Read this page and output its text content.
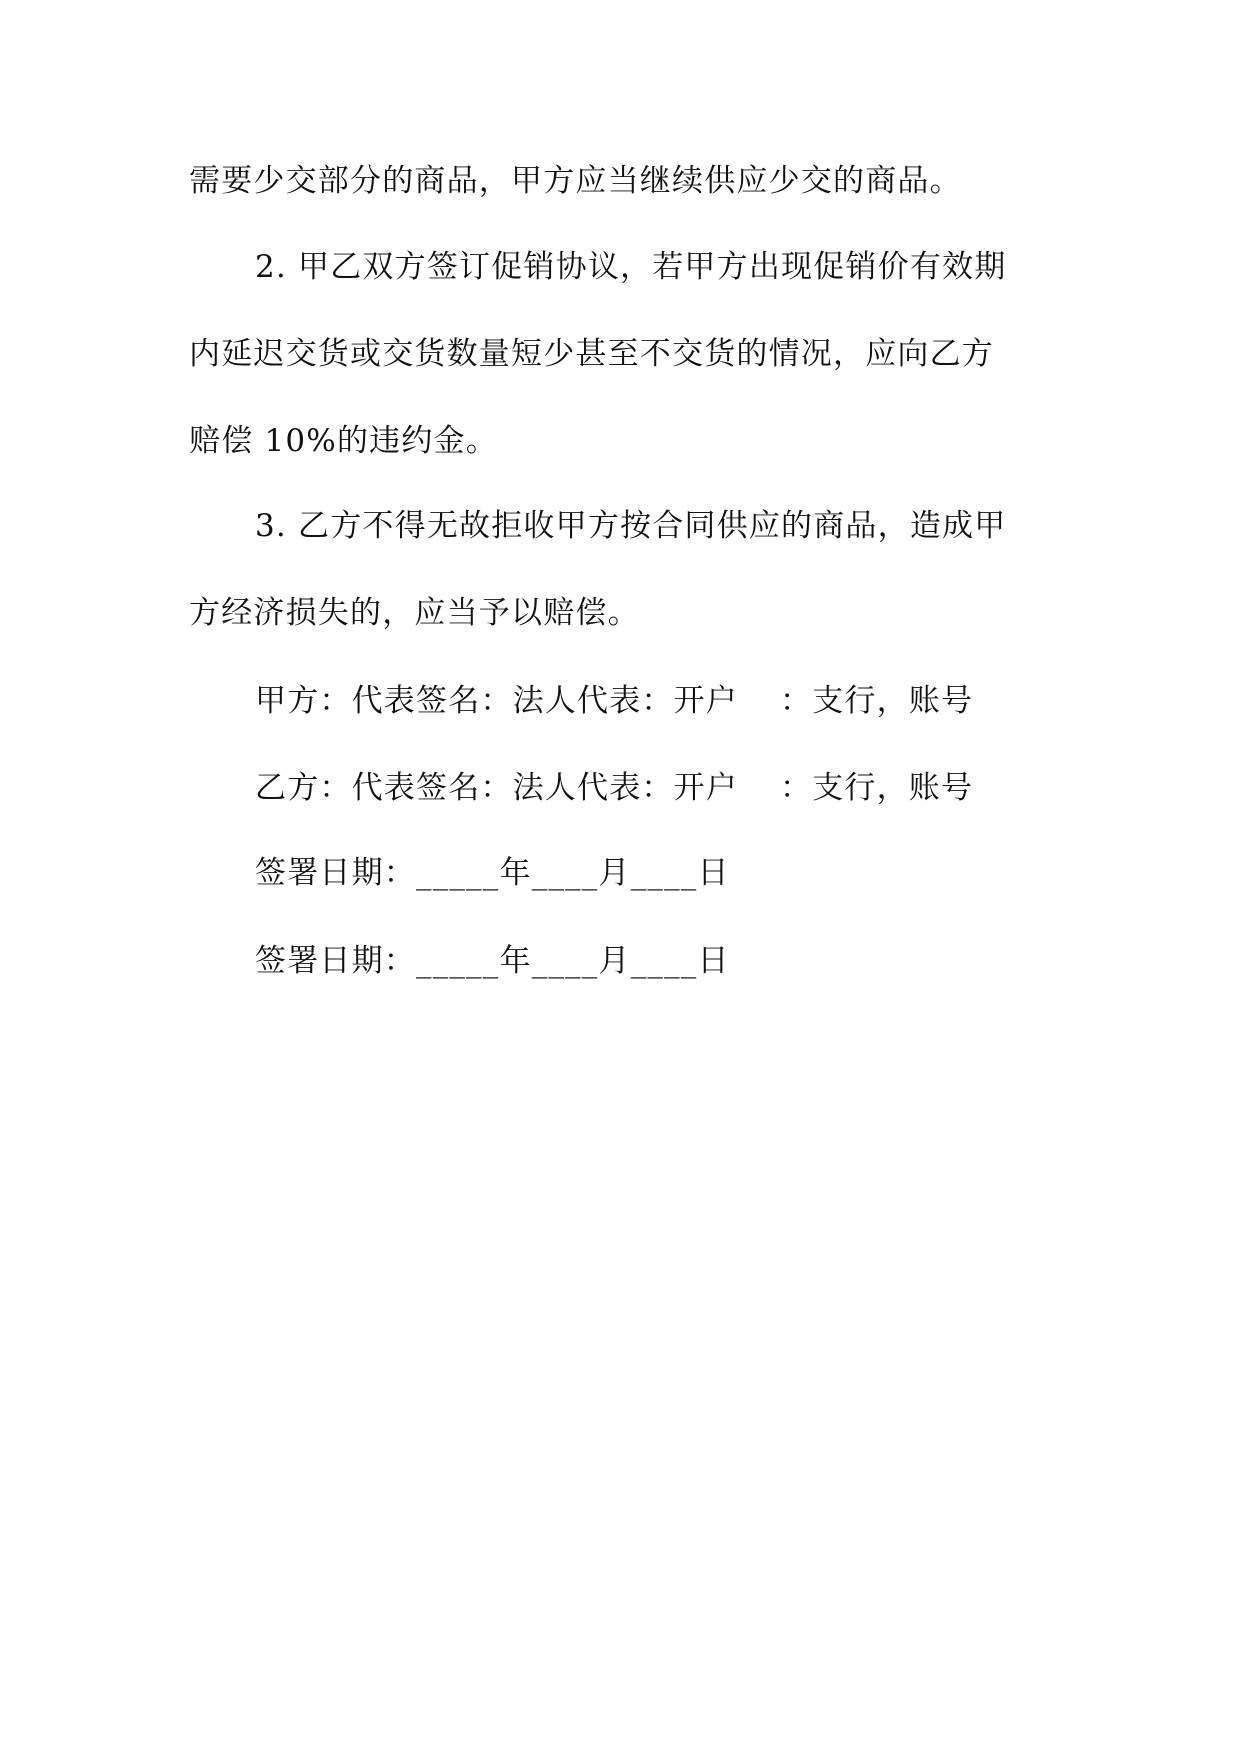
需要少交部分的商品，甲方应当继续供应少交的商品。
2. 甲乙双方签订促销协议，若甲方出现促销价有效期
内延迟交货或交货数量短少甚至不交货的情况，应向乙方
赔偿 10%的违约金。
3. 乙方不得无故拒收甲方按合同供应的商品，造成甲
方经济损失的，应当予以赔偿。
甲方：代表签名：法人代表：开户 ：支行，账号
乙方：代表签名：法人代表：开户 ：支行，账号
签署日期：_____年____月____日
签署日期：_____年____月____日
